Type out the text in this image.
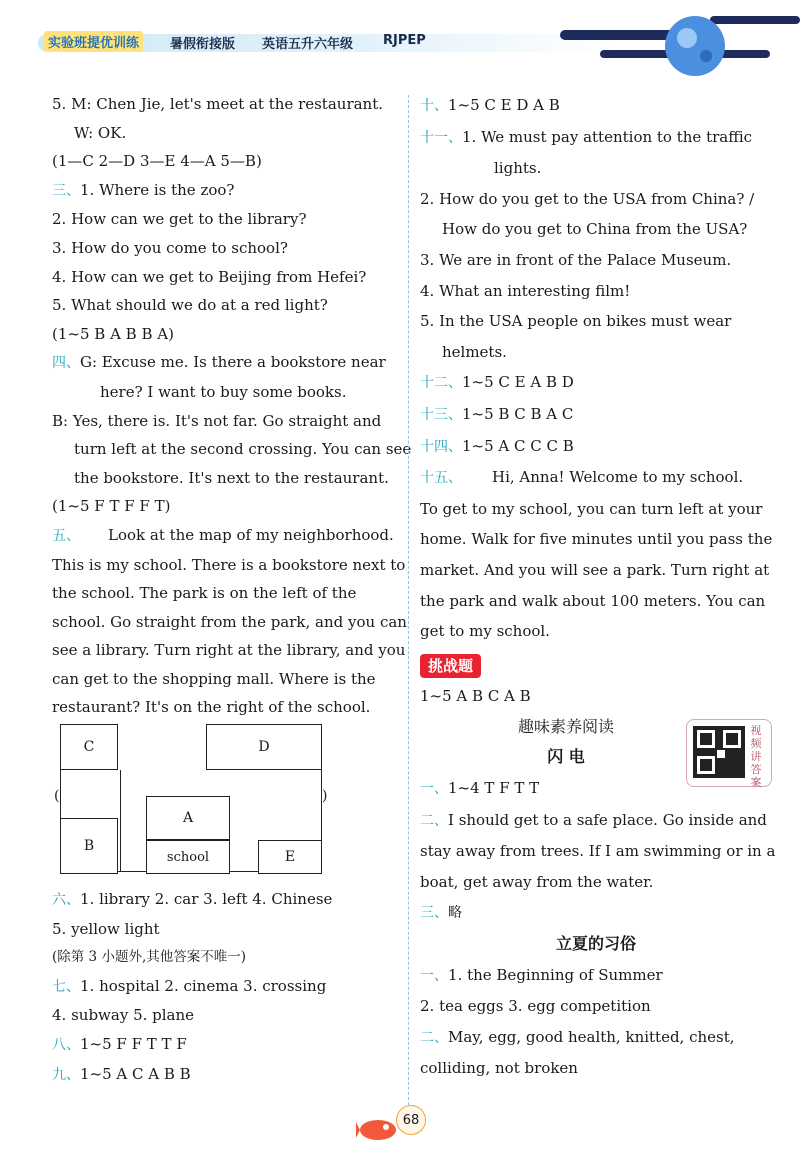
实验班提优训练	暑假衔接版 英语五升六年级 RJPEP

5. M: Chen Jie, let's meet at the restaurant.

W: OK.

(1—C 2—D 3—E 4—A 5—B)

三、1. Where is the zoo?

2. How can we get to the library?

3. How do you come to school?

4. How can we get to Beijing from Hefei?

5. What should we do at a red light?

(1~5 B A B B A)

四、G: Excuse me. Is there a bookstore near

here? I want to buy some books.

B: Yes, there is. It's not far. Go straight and

turn left at the second crossing. You can see

the bookstore. It's next to the restaurant.

(1~5 F T F F T)

五、 Look at the map of my neighborhood.

This is my school. There is a bookstore next to

the school. The park is on the left of the

school. Go straight from the park, and you can

see a library. Turn right at the library, and you

can get to the shopping mall. Where is the

restaurant? It's on the right of the school.

C	D
B
A
school	E
(	)

六、1. library 2. car 3. left 4. Chinese

5. yellow light

(除第 3 小题外,其他答案不唯一)

七、1. hospital 2. cinema 3. crossing

4. subway 5. plane

八、1~5 F F T T F

九、1~5 A C A B B

十、1~5 C E D A B

十一、1. We must pay attention to the traffic

lights.

2. How do you get to the USA from China? /

How do you get to China from the USA?

3. We are in front of the Palace Museum.

4. What an interesting film!

5. In the USA people on bikes must wear

helmets.

十二、1~5 C E A B D

十三、1~5 B C B A C

十四、1~5 A C C C B

十五、 Hi, Anna! Welcome to my school.

To get to my school, you can turn left at your

home. Walk for five minutes until you pass the

market. And you will see a park. Turn right at

the park and walk about 100 meters. You can

get to my school.

挑战题

1~5 A B C A B

趣味素养阅读

闪 电

一、1~4 T F T T

二、I should get to a safe place. Go inside and

stay away from trees. If I am swimming or in a

boat, get away from the water.

三、略

立夏的习俗

一、1. the Beginning of Summer

2. tea eggs 3. egg competition

二、May, egg, good health, knitted, chest,

colliding, not broken

视频讲答案
68
